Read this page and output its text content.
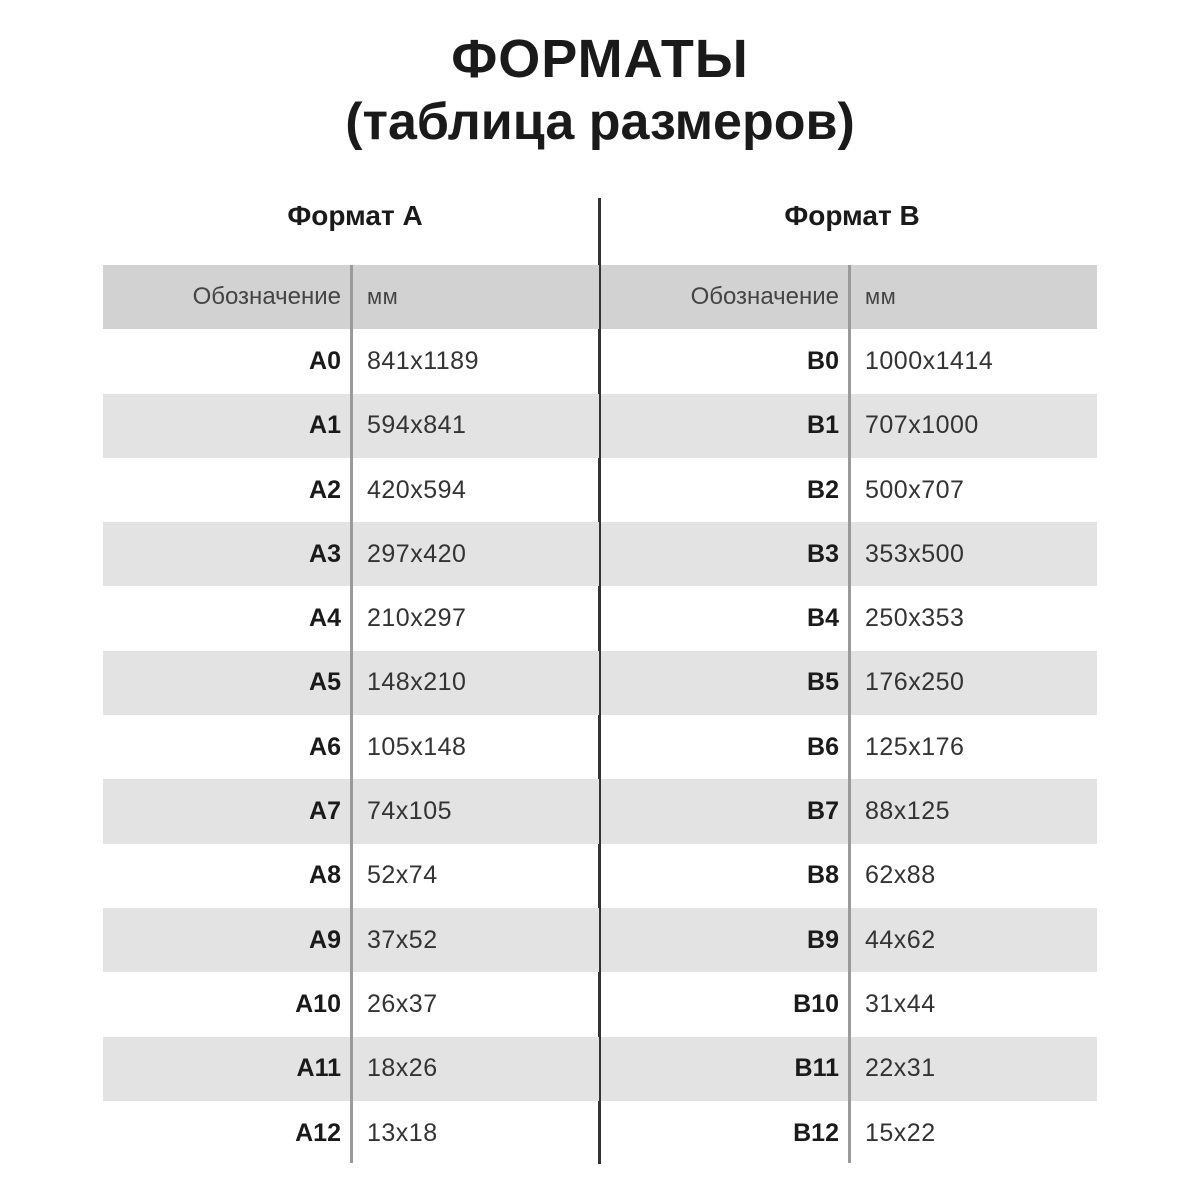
ФОРМАТЫ
(таблица размеров)
Формат А
Обозначение	мм
А0	841x1189
А1	594x841
А2	420x594
А3	297x420
А4	210x297
А5	148x210
А6	105x148
А7	74x105
А8	52x74
А9	37x52
А10	26x37
А11	18x26
А12	13x18
Формат В
Обозначение	мм
В0	1000x1414
В1	707x1000
В2	500x707
В3	353x500
В4	250x353
В5	176x250
В6	125x176
В7	88x125
В8	62x88
В9	44x62
В10	31x44
В11	22x31
В12	15x22
